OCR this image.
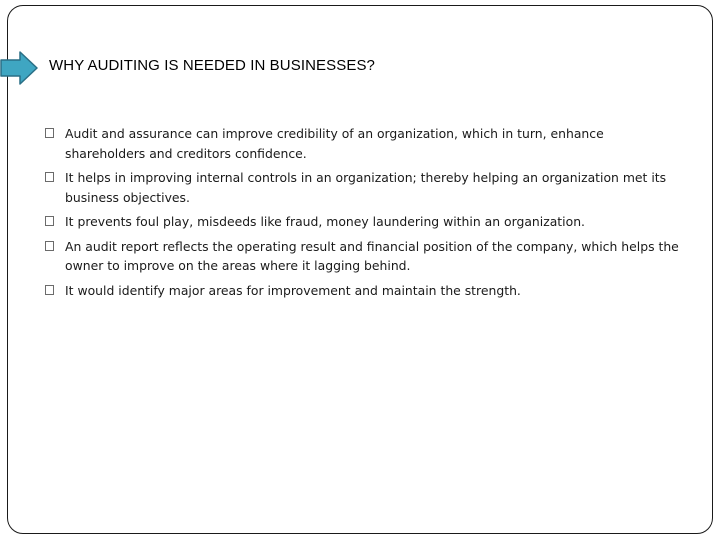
WHY AUDITING IS NEEDED IN BUSINESSES?
Audit and assurance can improve credibility of an organization, which in turn, enhance shareholders and creditors confidence.
It helps in improving internal controls in an organization; thereby helping an organization met its business objectives.
It prevents foul play, misdeeds like fraud, money laundering within an organization.
An audit report reflects the operating result and financial position of the company, which helps the owner to improve on the areas where it lagging behind.
It would identify major areas for improvement and maintain the strength.
